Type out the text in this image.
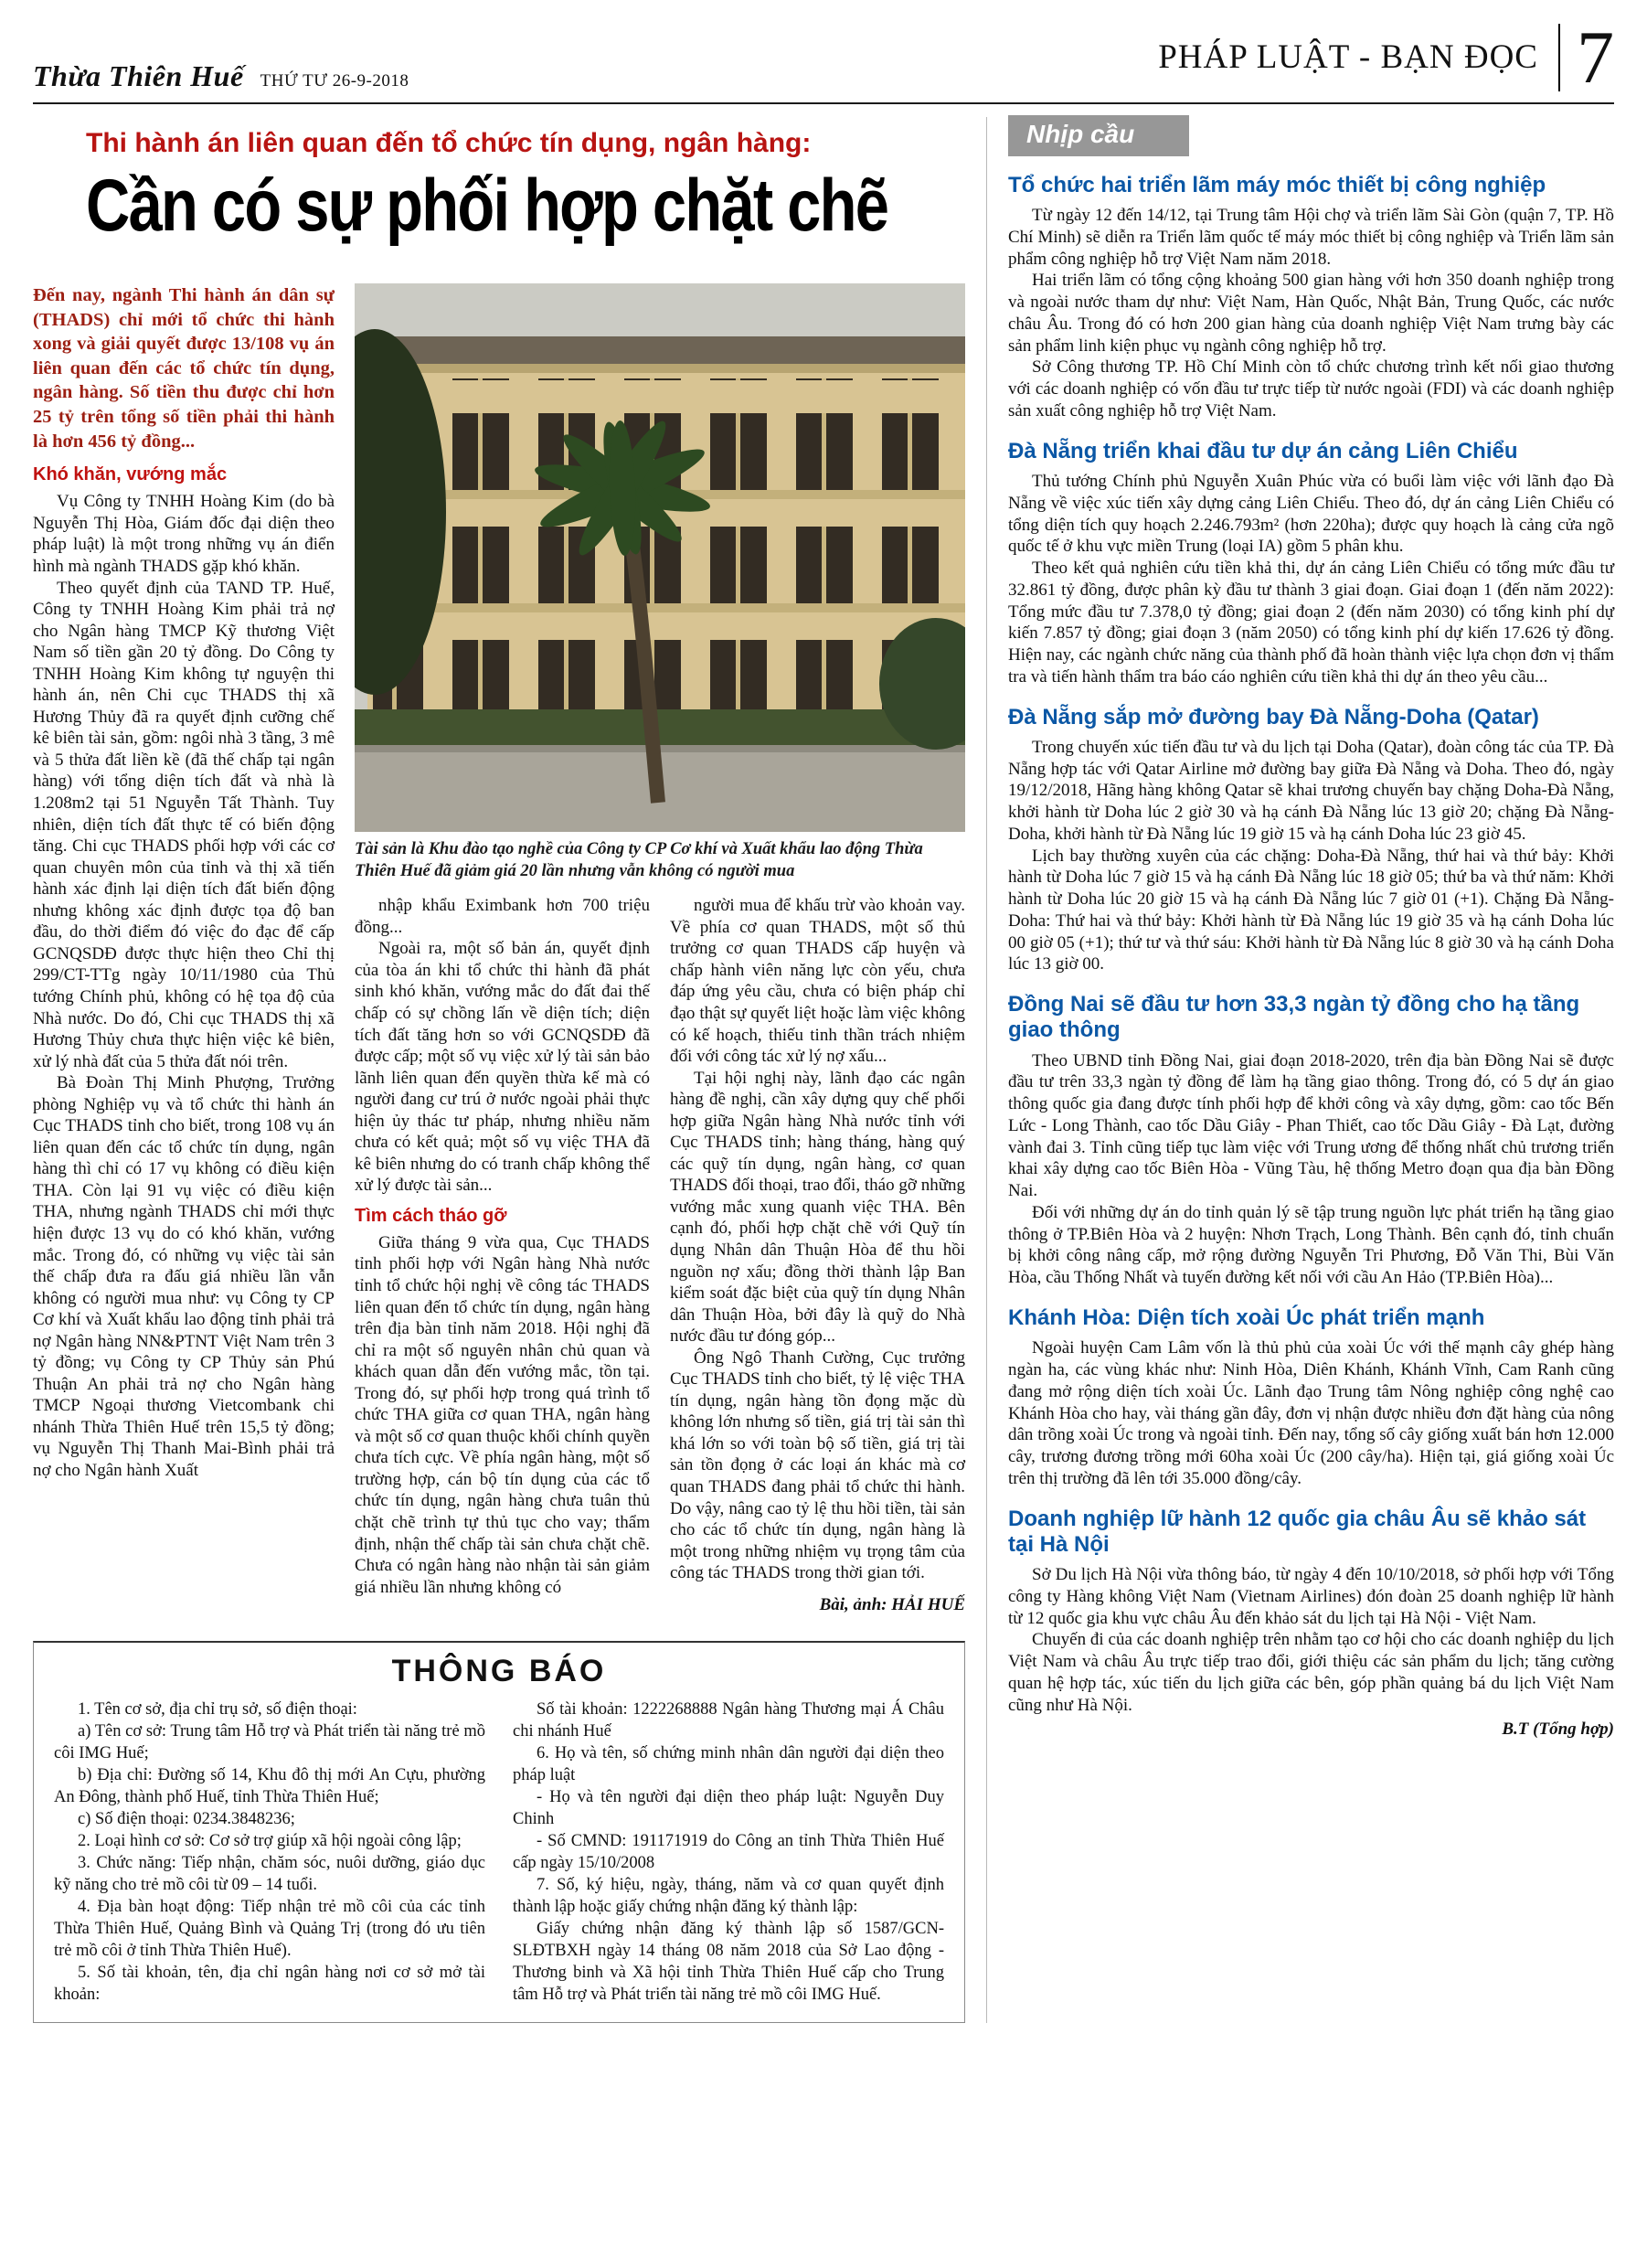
Thừa Thiên Huế THỨ TƯ 26-9-2018
PHÁP LUẬT - BẠN ĐỌC 7
Thi hành án liên quan đến tổ chức tín dụng, ngân hàng:
Cần có sự phối hợp chặt chẽ

Đến nay, ngành Thi hành án dân sự (THADS) chỉ mới tổ chức thi hành xong và giải quyết được 13/108 vụ án liên quan đến các tổ chức tín dụng, ngân hàng. Số tiền thu được chỉ hơn 25 tỷ trên tổng số tiền phải thi hành là hơn 456 tỷ đồng...

Khó khăn, vướng mắc

Vụ Công ty TNHH Hoàng Kim (do bà Nguyễn Thị Hòa, Giám đốc đại diện theo pháp luật) là một trong những vụ án điển hình mà ngành THADS gặp khó khăn.

Theo quyết định của TAND TP. Huế, Công ty TNHH Hoàng Kim phải trả nợ cho Ngân hàng TMCP Kỹ thương Việt Nam số tiền gần 20 tỷ đồng. Do Công ty TNHH Hoàng Kim không tự nguyện thi hành án, nên Chi cục THADS thị xã Hương Thủy đã ra quyết định cưỡng chế kê biên tài sản, gồm: ngôi nhà 3 tầng, 3 mê và 5 thửa đất liền kề (đã thế chấp tại ngân hàng) với tổng diện tích đất và nhà là 1.208m2 tại 51 Nguyễn Tất Thành. Tuy nhiên, diện tích đất thực tế có biến động tăng. Chi cục THADS phối hợp với các cơ quan chuyên môn của tỉnh và thị xã tiến hành xác định lại diện tích đất biến động nhưng không xác định được tọa độ ban đầu, do thời điểm đó việc đo đạc để cấp GCNQSDĐ được thực hiện theo Chỉ thị 299/CT-TTg ngày 10/11/1980 của Thủ tướng Chính phủ, không có hệ tọa độ của Nhà nước. Do đó, Chi cục THADS thị xã Hương Thủy chưa thực hiện việc kê biên, xử lý nhà đất của 5 thửa đất nói trên.

Bà Đoàn Thị Minh Phượng, Trưởng phòng Nghiệp vụ và tổ chức thi hành án Cục THADS tỉnh cho biết, trong 108 vụ án liên quan đến các tổ chức tín dụng, ngân hàng thì chỉ có 17 vụ không có điều kiện THA. Còn lại 91 vụ việc có điều kiện THA, nhưng ngành THADS chỉ mới thực hiện được 13 vụ do có khó khăn, vướng mắc. Trong đó, có những vụ việc tài sản thế chấp đưa ra đấu giá nhiều lần vẫn không có người mua như: vụ Công ty CP Cơ khí và Xuất khẩu lao động tỉnh phải trả nợ Ngân hàng NN&PTNT Việt Nam trên 3 tỷ đồng; vụ Công ty CP Thủy sản Phú Thuận An phải trả nợ cho Ngân hàng TMCP Ngoại thương Vietcombank chi nhánh Thừa Thiên Huế trên 15,5 tỷ đồng; vụ Nguyễn Thị Thanh Mai-Bình phải trả nợ cho Ngân hành Xuất

Tài sản là Khu đào tạo nghề của Công ty CP Cơ khí và Xuất khẩu lao động Thừa Thiên Huế đã giảm giá 20 lần nhưng vẫn không có người mua

nhập khẩu Eximbank hơn 700 triệu đồng...

Ngoài ra, một số bản án, quyết định của tòa án khi tổ chức thi hành đã phát sinh khó khăn, vướng mắc do đất đai thế chấp có sự chồng lấn về diện tích; diện tích đất tăng hơn so với GCNQSDĐ đã được cấp; một số vụ việc xử lý tài sản bảo lãnh liên quan đến quyền thừa kế mà có người đang cư trú ở nước ngoài phải thực hiện ủy thác tư pháp, nhưng nhiều năm chưa có kết quả; một số vụ việc THA đã kê biên nhưng do có tranh chấp không thể xử lý được tài sản...

Tìm cách tháo gỡ

Giữa tháng 9 vừa qua, Cục THADS tỉnh phối hợp với Ngân hàng Nhà nước tỉnh tổ chức hội nghị về công tác THADS liên quan đến tổ chức tín dụng, ngân hàng trên địa bàn tỉnh năm 2018. Hội nghị đã chỉ ra một số nguyên nhân chủ quan và khách quan dẫn đến vướng mắc, tồn tại. Trong đó, sự phối hợp trong quá trình tổ chức THA giữa cơ quan THA, ngân hàng và một số cơ quan thuộc khối chính quyền chưa tích cực. Về phía ngân hàng, một số trường hợp, cán bộ tín dụng của các tổ chức tín dụng, ngân hàng chưa tuân thủ chặt chẽ trình tự thủ tục cho vay; thẩm định, nhận thế chấp tài sản chưa chặt chẽ. Chưa có ngân hàng nào nhận tài sản giảm giá nhiều lần nhưng không có

người mua để khấu trừ vào khoản vay. Về phía cơ quan THADS, một số thủ trưởng cơ quan THADS cấp huyện và chấp hành viên năng lực còn yếu, chưa đáp ứng yêu cầu, chưa có biện pháp chỉ đạo thật sự quyết liệt hoặc làm việc không có kế hoạch, thiếu tinh thần trách nhiệm đối với công tác xử lý nợ xấu...

Tại hội nghị này, lãnh đạo các ngân hàng đề nghị, cần xây dựng quy chế phối hợp giữa Ngân hàng Nhà nước tỉnh với Cục THADS tỉnh; hàng tháng, hàng quý các quỹ tín dụng, ngân hàng, cơ quan THADS đối thoại, trao đổi, tháo gỡ những vướng mắc xung quanh việc THA. Bên cạnh đó, phối hợp chặt chẽ với Quỹ tín dụng Nhân dân Thuận Hòa để thu hồi nguồn nợ xấu; đồng thời thành lập Ban kiểm soát đặc biệt của quỹ tín dụng Nhân dân Thuận Hòa, bởi đây là quỹ do Nhà nước đầu tư đóng góp...

Ông Ngô Thanh Cường, Cục trưởng Cục THADS tỉnh cho biết, tỷ lệ việc THA tín dụng, ngân hàng tồn đọng mặc dù không lớn nhưng số tiền, giá trị tài sản thì khá lớn so với toàn bộ số tiền, giá trị tài sản tồn đọng ở các loại án khác mà cơ quan THADS đang phải tổ chức thi hành. Do vậy, nâng cao tỷ lệ thu hồi tiền, tài sản cho các tổ chức tín dụng, ngân hàng là một trong những nhiệm vụ trọng tâm của công tác THADS trong thời gian tới.

Bài, ảnh: HẢI HUẾ

THÔNG BÁO

1. Tên cơ sở, địa chỉ trụ sở, số điện thoại:

a) Tên cơ sở: Trung tâm Hỗ trợ và Phát triển tài năng trẻ mồ côi IMG Huế;

b) Địa chỉ: Đường số 14, Khu đô thị mới An Cựu, phường An Đông, thành phố Huế, tỉnh Thừa Thiên Huế;

c) Số điện thoại: 0234.3848236;

2. Loại hình cơ sở: Cơ sở trợ giúp xã hội ngoài công lập;

3. Chức năng: Tiếp nhận, chăm sóc, nuôi dưỡng, giáo dục kỹ năng cho trẻ mồ côi từ 09 – 14 tuổi.

4. Địa bàn hoạt động: Tiếp nhận trẻ mồ côi của các tỉnh Thừa Thiên Huế, Quảng Bình và Quảng Trị (trong đó ưu tiên trẻ mồ côi ở tỉnh Thừa Thiên Huế).

5. Số tài khoản, tên, địa chỉ ngân hàng nơi cơ sở mở tài khoản:

Số tài khoản: 1222268888 Ngân hàng Thương mại Á Châu chi nhánh Huế

6. Họ và tên, số chứng minh nhân dân người đại diện theo pháp luật

- Họ và tên người đại diện theo pháp luật: Nguyễn Duy Chinh

- Số CMND: 191171919 do Công an tỉnh Thừa Thiên Huế cấp ngày 15/10/2008

7. Số, ký hiệu, ngày, tháng, năm và cơ quan quyết định thành lập hoặc giấy chứng nhận đăng ký thành lập:

Giấy chứng nhận đăng ký thành lập số 1587/GCN-SLĐTBXH ngày 14 tháng 08 năm 2018 của Sở Lao động - Thương binh và Xã hội tỉnh Thừa Thiên Huế cấp cho Trung tâm Hỗ trợ và Phát triển tài năng trẻ mồ côi IMG Huế.

Nhịp cầu
Tổ chức hai triển lãm máy móc thiết bị công nghiệp

Từ ngày 12 đến 14/12, tại Trung tâm Hội chợ và triển lãm Sài Gòn (quận 7, TP. Hồ Chí Minh) sẽ diễn ra Triển lãm quốc tế máy móc thiết bị công nghiệp và Triển lãm sản phẩm công nghiệp hỗ trợ Việt Nam năm 2018.

Hai triển lãm có tổng cộng khoảng 500 gian hàng với hơn 350 doanh nghiệp trong và ngoài nước tham dự như: Việt Nam, Hàn Quốc, Nhật Bản, Trung Quốc, các nước châu Âu. Trong đó có hơn 200 gian hàng của doanh nghiệp Việt Nam trưng bày các sản phẩm linh kiện phục vụ ngành công nghiệp hỗ trợ.

Sở Công thương TP. Hồ Chí Minh còn tổ chức chương trình kết nối giao thương với các doanh nghiệp có vốn đầu tư trực tiếp từ nước ngoài (FDI) và các doanh nghiệp sản xuất công nghiệp hỗ trợ Việt Nam.

Đà Nẵng triển khai đầu tư dự án cảng Liên Chiểu

Thủ tướng Chính phủ Nguyễn Xuân Phúc vừa có buổi làm việc với lãnh đạo Đà Nẵng về việc xúc tiến xây dựng cảng Liên Chiểu. Theo đó, dự án cảng Liên Chiểu có tổng diện tích quy hoạch 2.246.793m² (hơn 220ha); được quy hoạch là cảng cửa ngõ quốc tế ở khu vực miền Trung (loại IA) gồm 5 phân khu.

Theo kết quả nghiên cứu tiền khả thi, dự án cảng Liên Chiểu có tổng mức đầu tư 32.861 tỷ đồng, được phân kỳ đầu tư thành 3 giai đoạn. Giai đoạn 1 (đến năm 2022): Tổng mức đầu tư 7.378,0 tỷ đồng; giai đoạn 2 (đến năm 2030) có tổng kinh phí dự kiến 7.857 tỷ đồng; giai đoạn 3 (năm 2050) có tổng kinh phí dự kiến 17.626 tỷ đồng. Hiện nay, các ngành chức năng của thành phố đã hoàn thành việc lựa chọn đơn vị thẩm tra và tiến hành thẩm tra báo cáo nghiên cứu tiền khả thi dự án theo yêu cầu...

Đà Nẵng sắp mở đường bay Đà Nẵng-Doha (Qatar)

Trong chuyến xúc tiến đầu tư và du lịch tại Doha (Qatar), đoàn công tác của TP. Đà Nẵng hợp tác với Qatar Airline mở đường bay giữa Đà Nẵng và Doha. Theo đó, ngày 19/12/2018, Hãng hàng không Qatar sẽ khai trương chuyến bay chặng Doha-Đà Nẵng, khởi hành từ Doha lúc 2 giờ 30 và hạ cánh Đà Nẵng lúc 13 giờ 20; chặng Đà Nẵng-Doha, khởi hành từ Đà Nẵng lúc 19 giờ 15 và hạ cánh Doha lúc 23 giờ 45.

Lịch bay thường xuyên của các chặng: Doha-Đà Nẵng, thứ hai và thứ bảy: Khởi hành từ Doha lúc 7 giờ 15 và hạ cánh Đà Nẵng lúc 18 giờ 05; thứ ba và thứ năm: Khởi hành từ Doha lúc 20 giờ 15 và hạ cánh Đà Nẵng lúc 7 giờ 01 (+1). Chặng Đà Nẵng-Doha: Thứ hai và thứ bảy: Khởi hành từ Đà Nẵng lúc 19 giờ 35 và hạ cánh Doha lúc 00 giờ 05 (+1); thứ tư và thứ sáu: Khởi hành từ Đà Nẵng lúc 8 giờ 30 và hạ cánh Doha lúc 13 giờ 00.

Đồng Nai sẽ đầu tư hơn 33,3 ngàn tỷ đồng cho hạ tầng giao thông

Theo UBND tỉnh Đồng Nai, giai đoạn 2018-2020, trên địa bàn Đồng Nai sẽ được đầu tư trên 33,3 ngàn tỷ đồng để làm hạ tầng giao thông. Trong đó, có 5 dự án giao thông quốc gia đang được tính phối hợp để khởi công và xây dựng, gồm: cao tốc Bến Lức - Long Thành, cao tốc Dầu Giây - Phan Thiết, cao tốc Dầu Giây - Đà Lạt, đường vành đai 3. Tỉnh cũng tiếp tục làm việc với Trung ương để thống nhất chủ trương triển khai xây dựng cao tốc Biên Hòa - Vũng Tàu, hệ thống Metro đoạn qua địa bàn Đồng Nai.

Đối với những dự án do tỉnh quản lý sẽ tập trung nguồn lực phát triển hạ tầng giao thông ở TP.Biên Hòa và 2 huyện: Nhơn Trạch, Long Thành. Bên cạnh đó, tỉnh chuẩn bị khởi công nâng cấp, mở rộng đường Nguyễn Tri Phương, Đỗ Văn Thi, Bùi Văn Hòa, cầu Thống Nhất và tuyến đường kết nối với cầu An Hảo (TP.Biên Hòa)...

Khánh Hòa: Diện tích xoài Úc phát triển mạnh

Ngoài huyện Cam Lâm vốn là thủ phủ của xoài Úc với thế mạnh cây ghép hàng ngàn ha, các vùng khác như: Ninh Hòa, Diên Khánh, Khánh Vĩnh, Cam Ranh cũng đang mở rộng diện tích xoài Úc. Lãnh đạo Trung tâm Nông nghiệp công nghệ cao Khánh Hòa cho hay, vài tháng gần đây, đơn vị nhận được nhiều đơn đặt hàng của nông dân trồng xoài Úc trong và ngoài tỉnh. Đến nay, tổng số cây giống xuất bán hơn 12.000 cây, trương đương trồng mới 60ha xoài Úc (200 cây/ha). Hiện tại, giá giống xoài Úc trên thị trường đã lên tới 35.000 đồng/cây.

Doanh nghiệp lữ hành 12 quốc gia châu Âu sẽ khảo sát tại Hà Nội

Sở Du lịch Hà Nội vừa thông báo, từ ngày 4 đến 10/10/2018, sở phối hợp với Tổng công ty Hàng không Việt Nam (Vietnam Airlines) đón đoàn 25 doanh nghiệp lữ hành từ 12 quốc gia khu vực châu Âu đến khảo sát du lịch tại Hà Nội - Việt Nam.

Chuyến đi của các doanh nghiệp trên nhằm tạo cơ hội cho các doanh nghiệp du lịch Việt Nam và châu Âu trực tiếp trao đổi, giới thiệu các sản phẩm du lịch; tăng cường quan hệ hợp tác, xúc tiến du lịch giữa các bên, góp phần quảng bá du lịch Việt Nam cũng như Hà Nội.

B.T (Tổng hợp)
